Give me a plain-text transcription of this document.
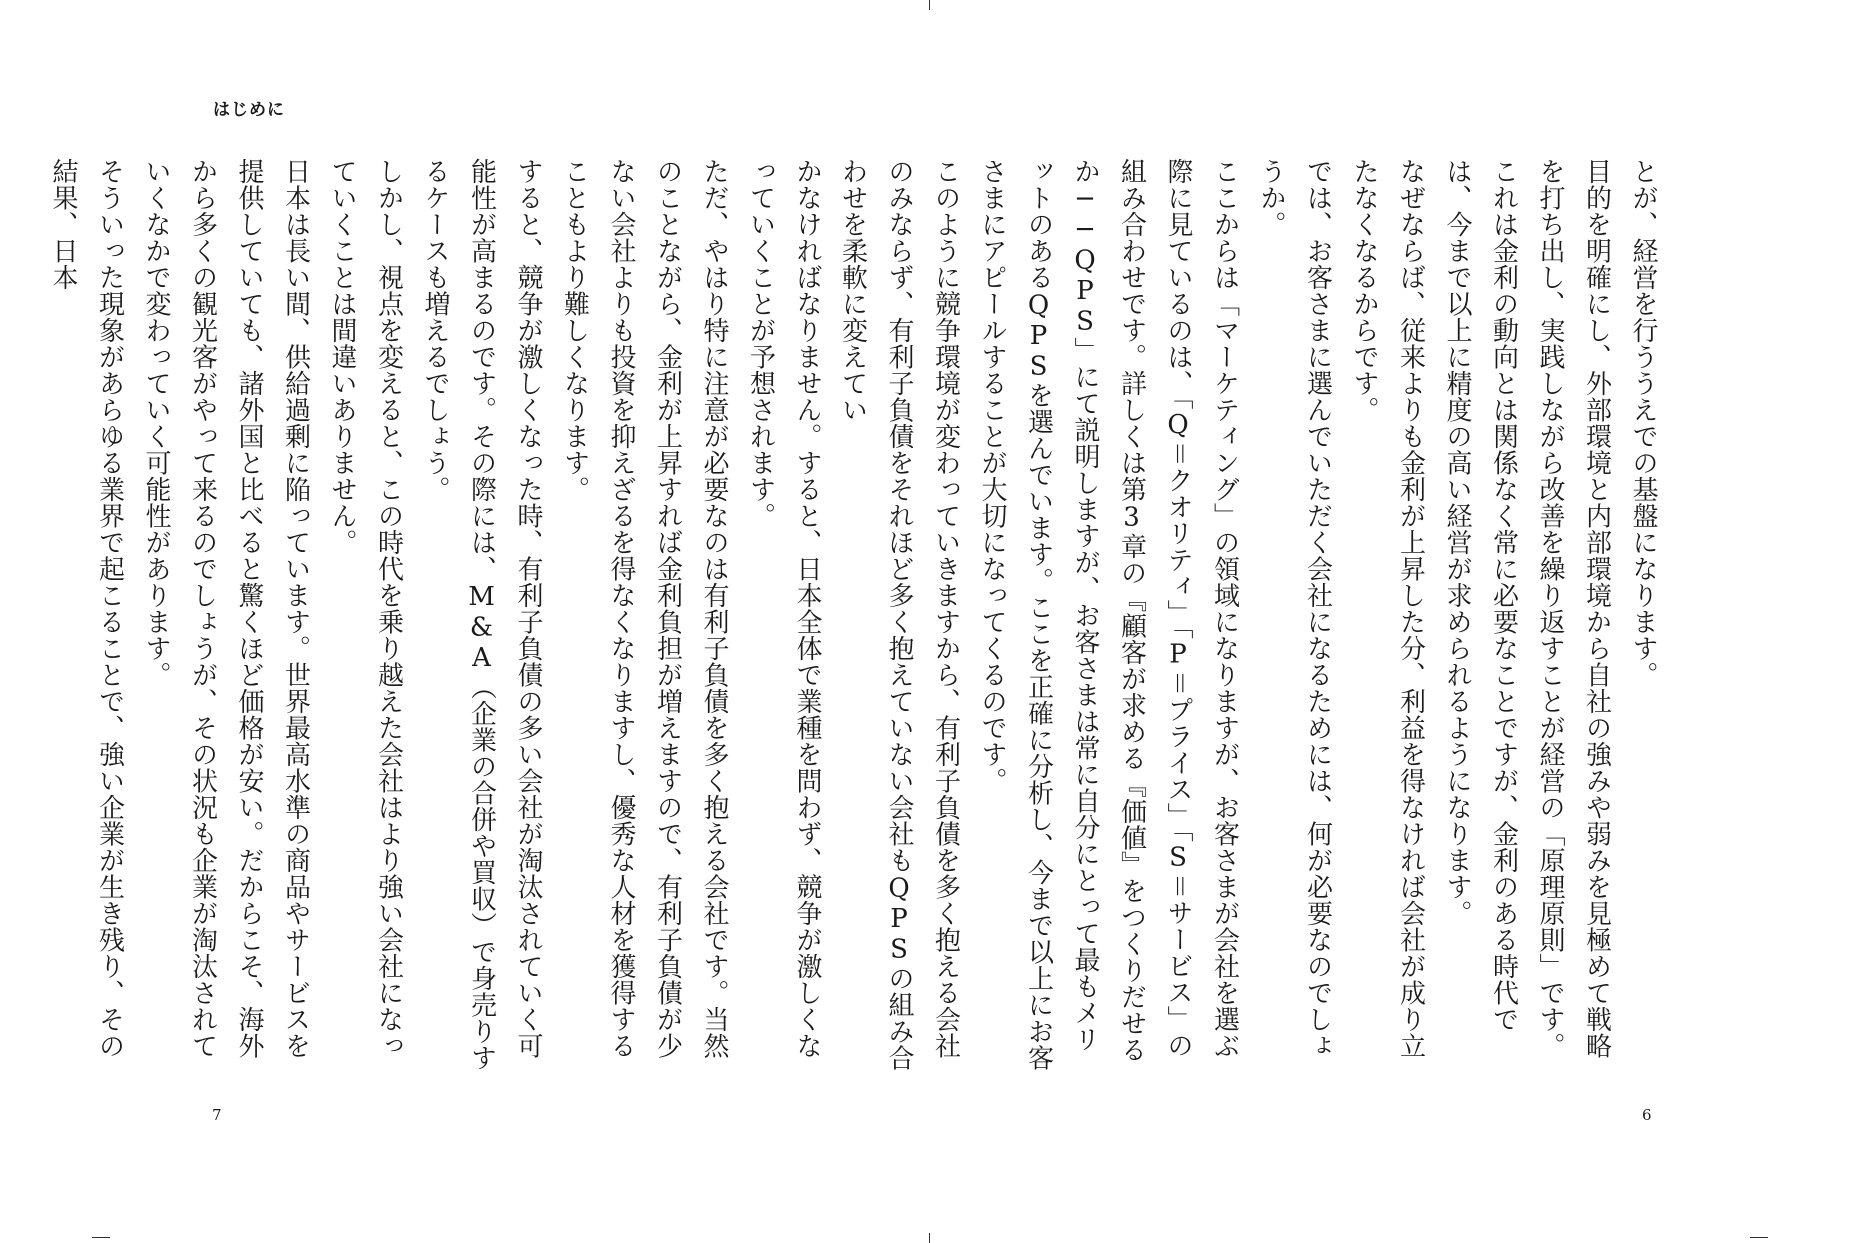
はじめに

とが、経営を行ううえでの基盤になります。

目的を明確にし、外部環境と内部環境から自社の強みや弱みを見極めて戦略を打ち出し、実践しながら改善を繰り返すことが経営の「原理原則」です。これは金利の動向とは関係なく常に必要なことですが、金利のある時代では、今まで以上に精度の高い経営が求められるようになります。

なぜならば、従来よりも金利が上昇した分、利益を得なければ会社が成り立たなくなるからです。

では、お客さまに選んでいただく会社になるためには、何が必要なのでしょうか。

ここからは「マーケティング」の領域になりますが、お客さまが会社を選ぶ際に見ているのは、「Q＝クオリティ」「P＝プライス」「S＝サービス」の組み合わせです。詳しくは第3章の『顧客が求める『価値』をつくりだせるか──QPS」にて説明しますが、お客さまは常に自分にとって最もメリットのあるQPSを選んでいます。ここを正確に分析し、今まで以上にお客さまにアピールすることが大切になってくるのです。

このように競争環境が変わっていきますから、有利子負債を多く抱える会社のみならず、有利子負債をそれほど多く抱えていない会社もQPSの組み合わせを柔軟に変えてい

かなければなりません。すると、日本全体で業種を問わず、競争が激しくなっていくことが予想されます。

ただ、やはり特に注意が必要なのは有利子負債を多く抱える会社です。当然のことながら、金利が上昇すれば金利負担が増えますので、有利子負債が少ない会社よりも投資を抑えざるを得なくなりますし、優秀な人材を獲得することもより難しくなります。

すると、競争が激しくなった時、有利子負債の多い会社が淘汰されていく可能性が高まるのです。その際には、M&A（企業の合併や買収）で身売りするケースも増えるでしょう。

しかし、視点を変えると、この時代を乗り越えた会社はより強い会社になっていくことは間違いありません。

日本は長い間、供給過剰に陥っています。世界最高水準の商品やサービスを提供していても、諸外国と比べると驚くほど価格が安い。だからこそ、海外から多くの観光客がやって来るのでしょうが、その状況も企業が淘汰されていくなかで変わっていく可能性があります。

そういった現象があらゆる業界で起こることで、強い企業が生き残り、その結果、日本

6
7
